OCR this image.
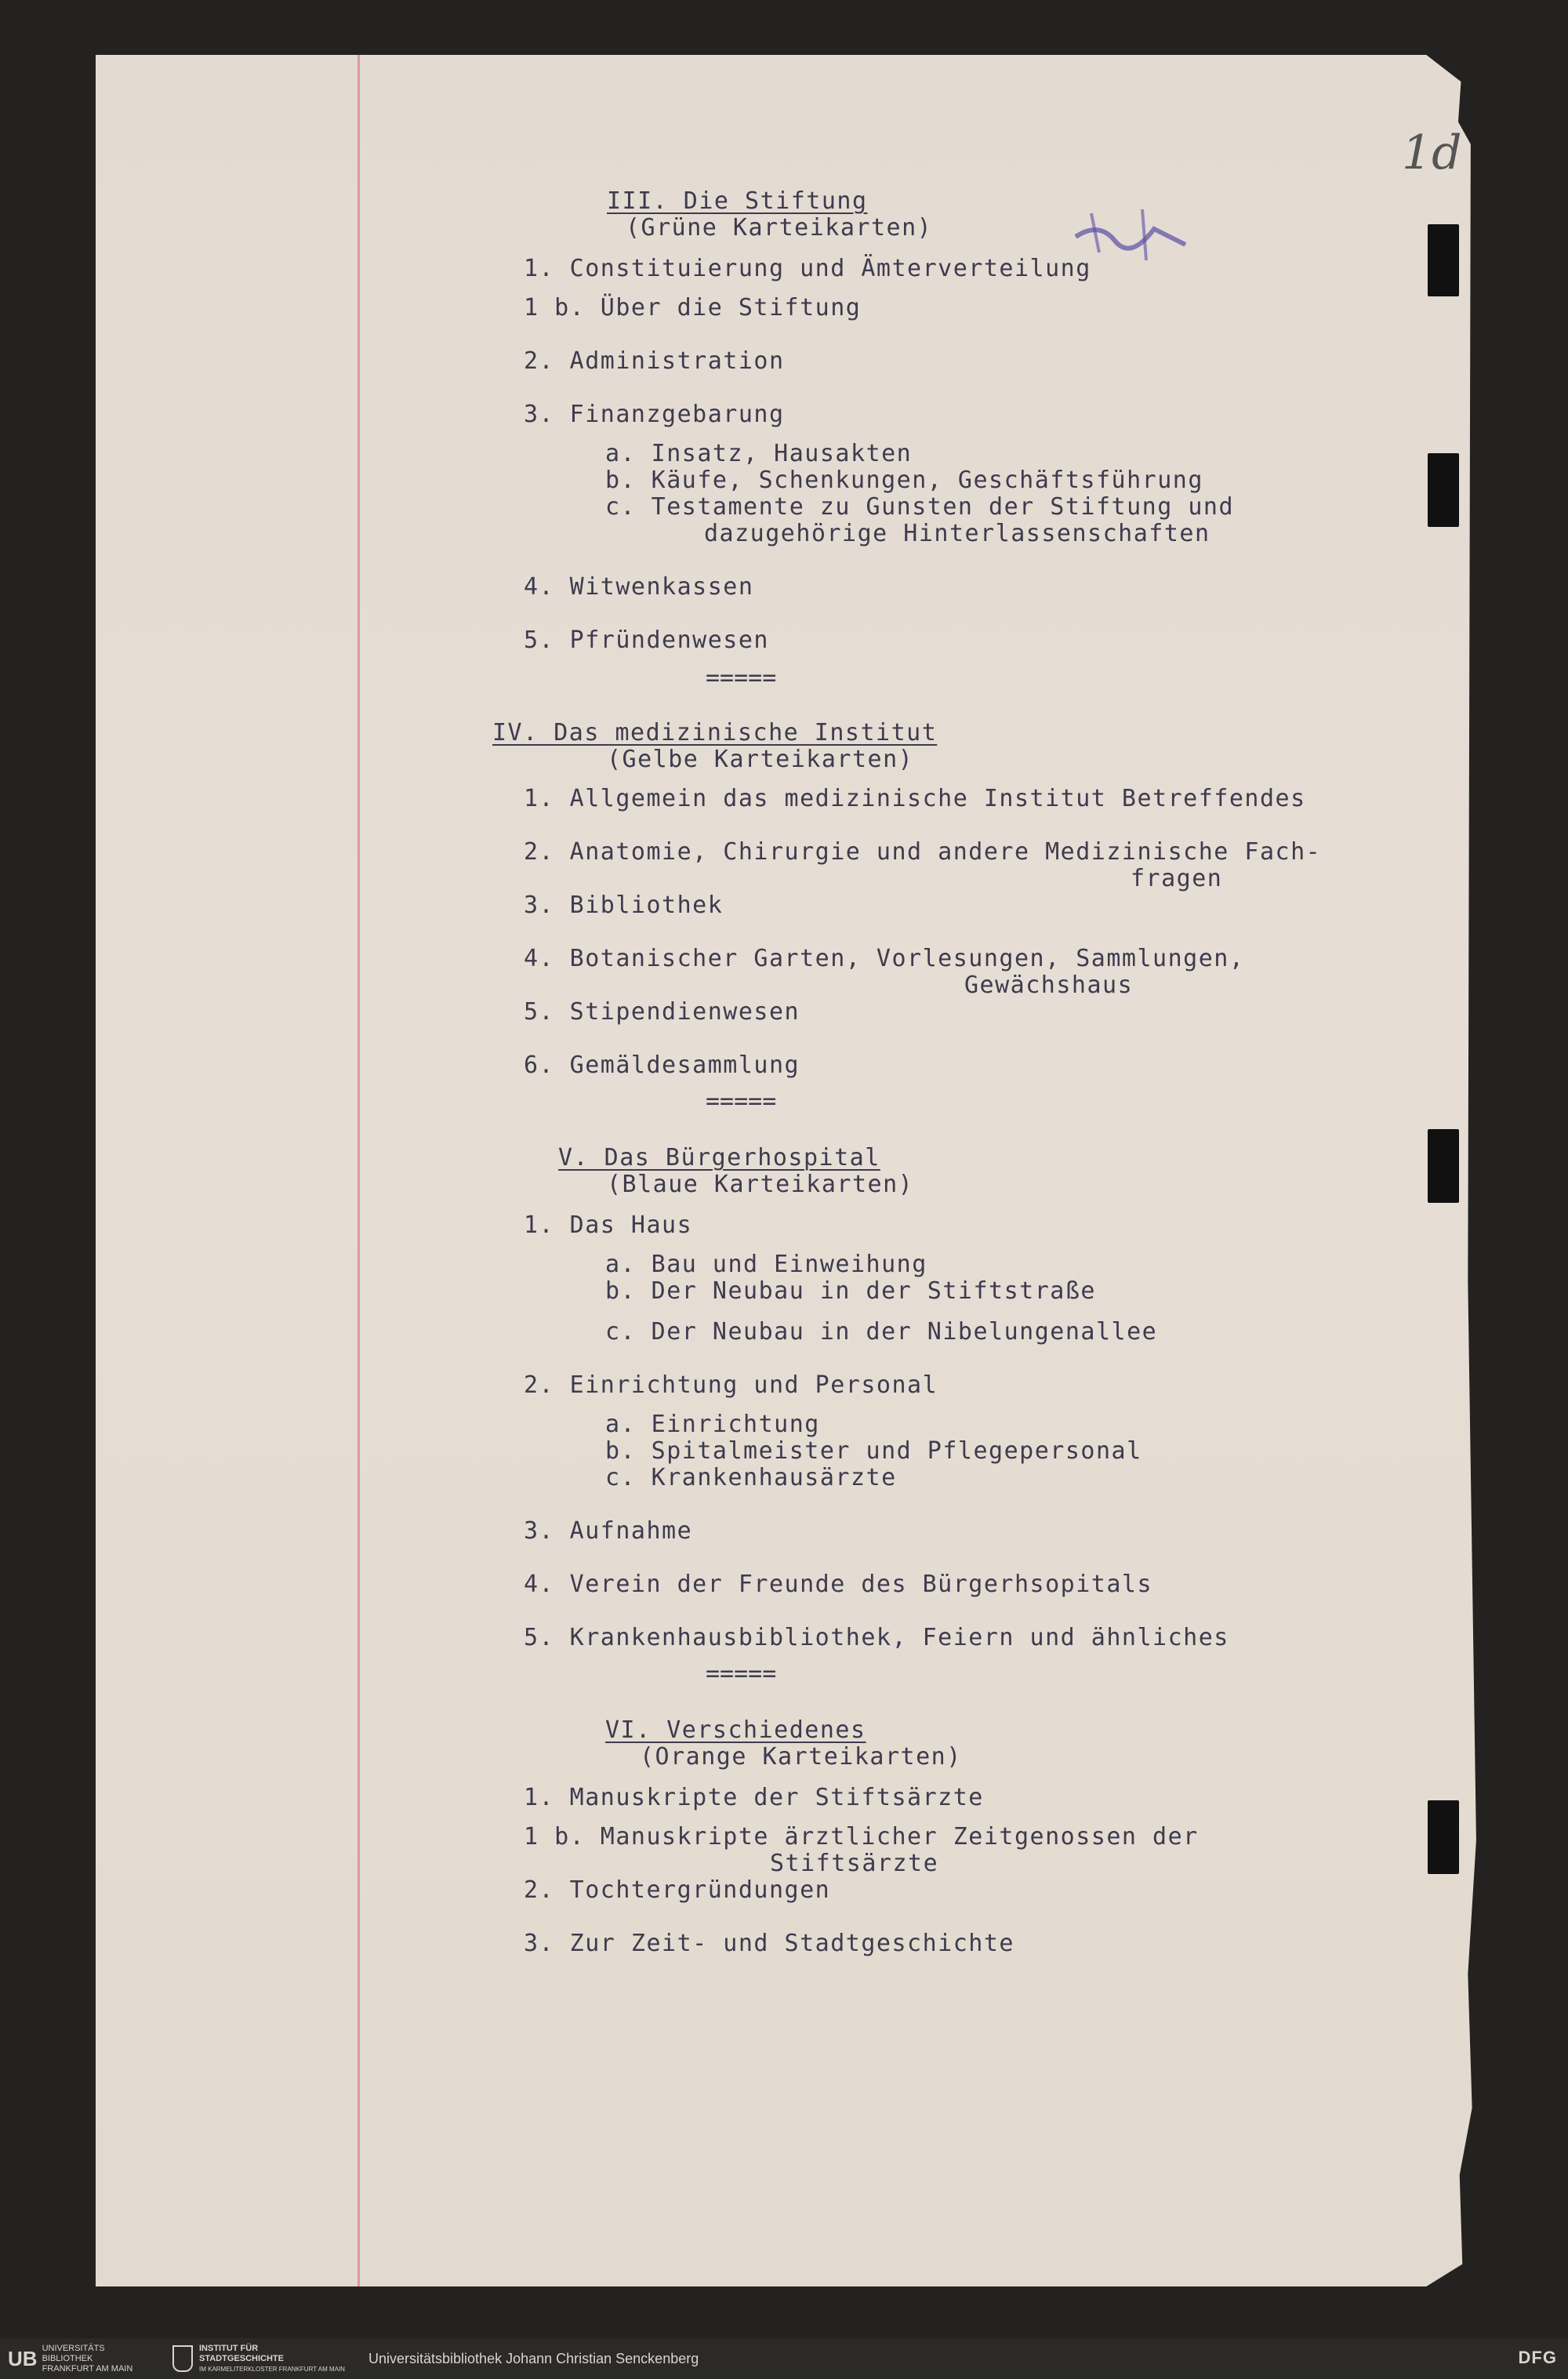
1d
III. Die Stiftung
(Grüne Karteikarten)
1. Constituierung und Ämterverteilung
1 b. Über die Stiftung
2. Administration
3. Finanzgebarung
a. Insatz, Hausakten
b. Käufe, Schenkungen, Geschäftsführung
c. Testamente zu Gunsten der Stiftung und
dazugehörige Hinterlassenschaften
4. Witwenkassen
5. Pfründenwesen
=====
IV. Das medizinische Institut
(Gelbe Karteikarten)
1. Allgemein das medizinische Institut Betreffendes
2. Anatomie, Chirurgie und andere Medizinische Fach-
fragen
3. Bibliothek
4. Botanischer Garten, Vorlesungen, Sammlungen,
Gewächshaus
5. Stipendienwesen
6. Gemäldesammlung
=====
V. Das Bürgerhospital
(Blaue Karteikarten)
1. Das Haus
a. Bau und Einweihung
b. Der Neubau in der Stiftstraße
c. Der Neubau in der Nibelungenallee
2. Einrichtung und Personal
a. Einrichtung
b. Spitalmeister und Pflegepersonal
c. Krankenhausärzte
3. Aufnahme
4. Verein der Freunde des Bürgerhsopitals
5. Krankenhausbibliothek, Feiern und ähnliches
=====
VI. Verschiedenes
(Orange Karteikarten)
1. Manuskripte der Stiftsärzte
1 b. Manuskripte ärztlicher Zeitgenossen der
Stiftsärzte
2. Tochtergründungen
3. Zur Zeit- und Stadtgeschichte
UB UNIVERSITÄTS
BIBLIOTHEK
FRANKFURT AM MAIN
INSTITUT FÜR
STADTGESCHICHTE
IM KARMELITERKLOSTER FRANKFURT AM MAIN
Universitätsbibliothek Johann Christian Senckenberg	DFG
